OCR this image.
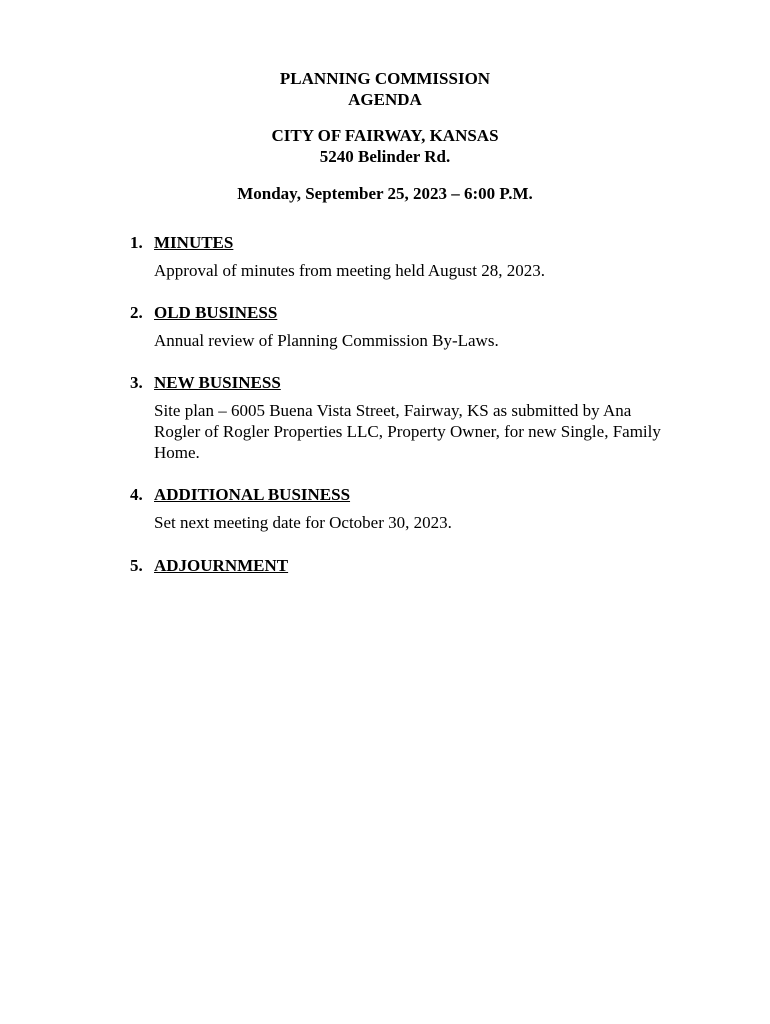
PLANNING COMMISSION
AGENDA
CITY OF FAIRWAY, KANSAS
5240 Belinder Rd.
Monday, September 25, 2023 – 6:00 P.M.
1. MINUTES
Approval of minutes from meeting held August 28, 2023.
2. OLD BUSINESS
Annual review of Planning Commission By-Laws.
3. NEW BUSINESS
Site plan – 6005 Buena Vista Street, Fairway, KS as submitted by Ana Rogler of Rogler Properties LLC, Property Owner, for new Single, Family Home.
4. ADDITIONAL BUSINESS
Set next meeting date for October 30, 2023.
5. ADJOURNMENT
